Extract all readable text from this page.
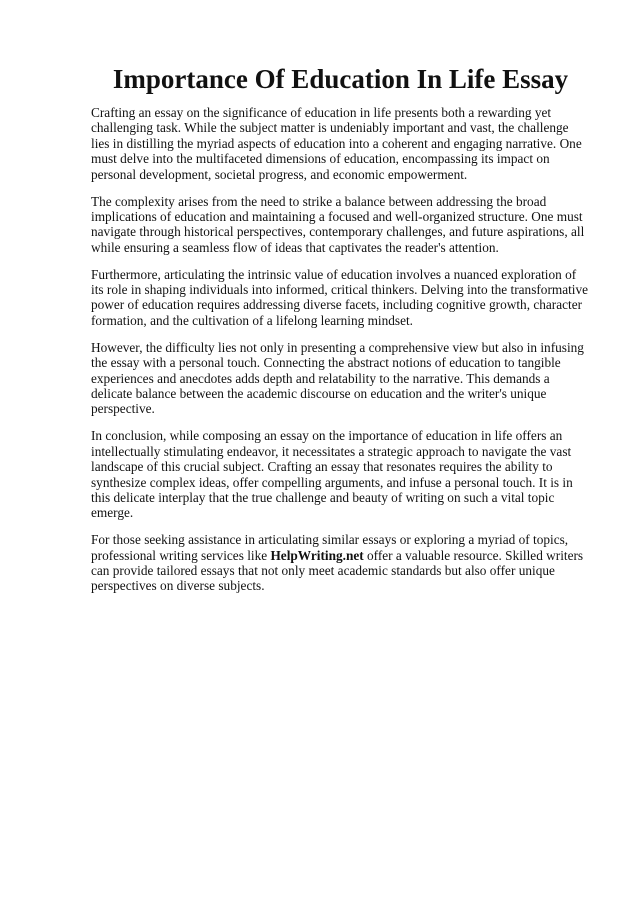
Importance Of Education In Life Essay

Crafting an essay on the significance of education in life presents both a rewarding yet challenging task. While the subject matter is undeniably important and vast, the challenge lies in distilling the myriad aspects of education into a coherent and engaging narrative. One must delve into the multifaceted dimensions of education, encompassing its impact on personal development, societal progress, and economic empowerment.

The complexity arises from the need to strike a balance between addressing the broad implications of education and maintaining a focused and well-organized structure. One must navigate through historical perspectives, contemporary challenges, and future aspirations, all while ensuring a seamless flow of ideas that captivates the reader's attention.

Furthermore, articulating the intrinsic value of education involves a nuanced exploration of its role in shaping individuals into informed, critical thinkers. Delving into the transformative power of education requires addressing diverse facets, including cognitive growth, character formation, and the cultivation of a lifelong learning mindset.

However, the difficulty lies not only in presenting a comprehensive view but also in infusing the essay with a personal touch. Connecting the abstract notions of education to tangible experiences and anecdotes adds depth and relatability to the narrative. This demands a delicate balance between the academic discourse on education and the writer's unique perspective.

In conclusion, while composing an essay on the importance of education in life offers an intellectually stimulating endeavor, it necessitates a strategic approach to navigate the vast landscape of this crucial subject. Crafting an essay that resonates requires the ability to synthesize complex ideas, offer compelling arguments, and infuse a personal touch. It is in this delicate interplay that the true challenge and beauty of writing on such a vital topic emerge.

For those seeking assistance in articulating similar essays or exploring a myriad of topics, professional writing services like HelpWriting.net offer a valuable resource. Skilled writers can provide tailored essays that not only meet academic standards but also offer unique perspectives on diverse subjects.
